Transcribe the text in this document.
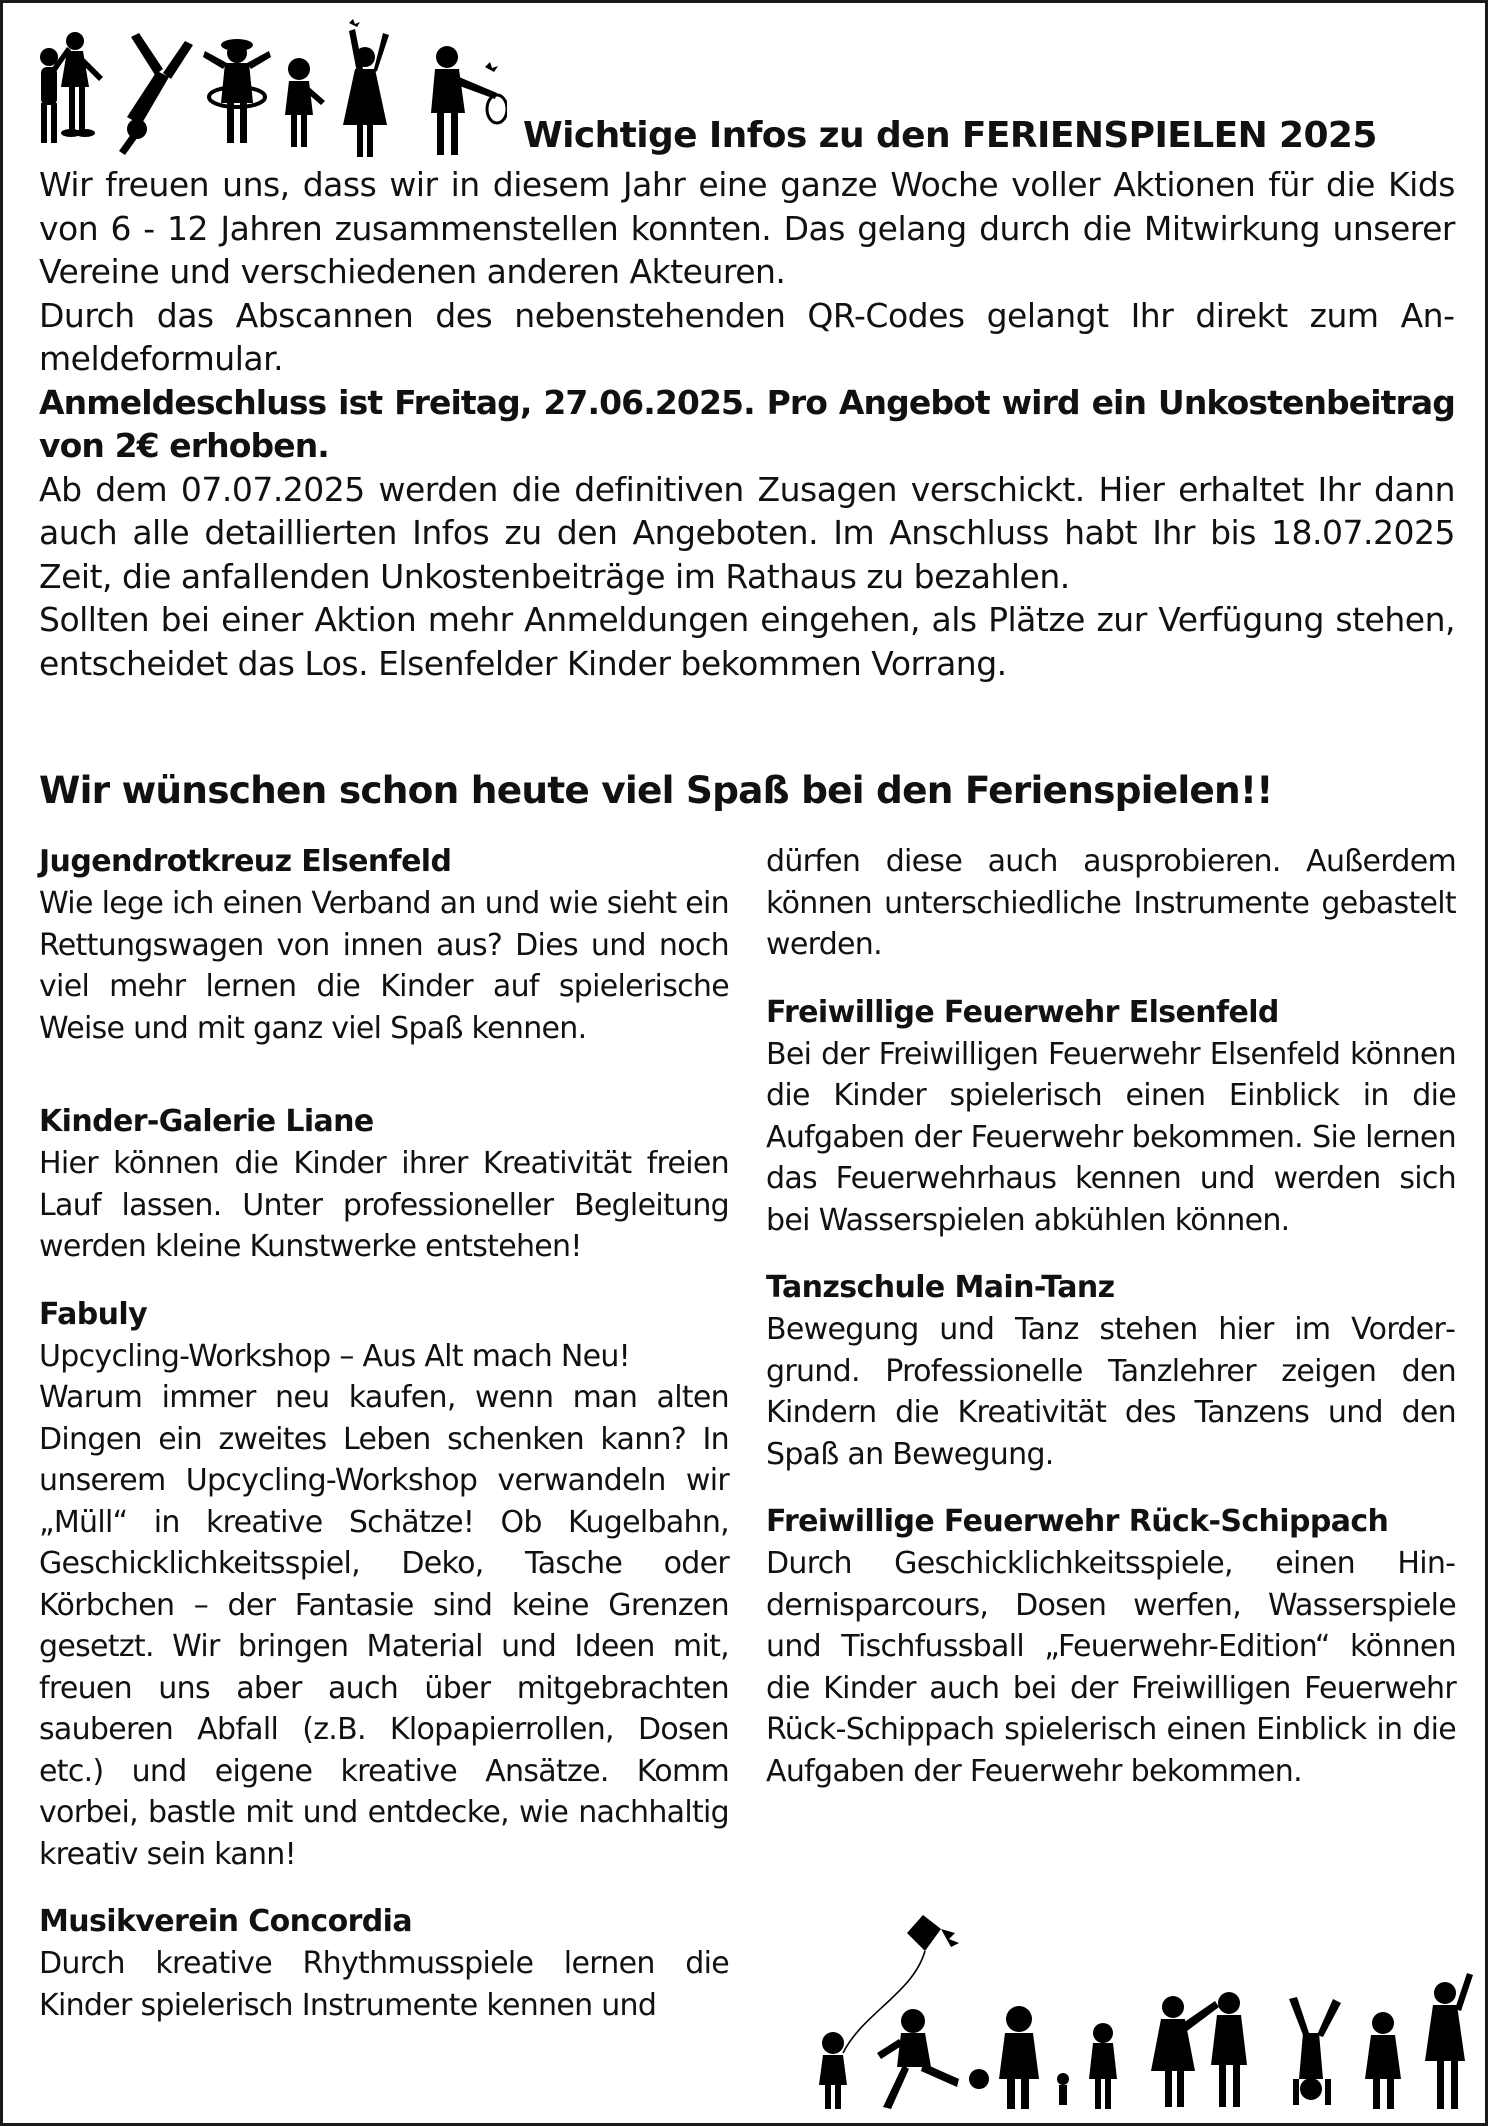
Wichtige Infos zu den FERIENSPIELEN 2025

Wir freuen uns, dass wir in diesem Jahr eine ganze Woche voller Aktionen für die Kids von 6 - 12 Jahren zusammenstellen konnten. Das gelang durch die Mitwirkung unserer Vereine und verschiedenen anderen Akteuren.

Durch das Abscannen des nebenstehenden QR-Codes gelangt Ihr direkt zum Anmeldeformular.

Anmeldeschluss ist Freitag, 27.06.2025. Pro Angebot wird ein Unkostenbeitrag von 2€ erhoben.

Ab dem 07.07.2025 werden die definitiven Zusagen verschickt. Hier erhaltet Ihr dann auch alle detaillierten Infos zu den Angeboten. Im Anschluss habt Ihr bis 18.07.2025 Zeit, die anfallenden Unkostenbeiträge im Rathaus zu bezahlen.

Sollten bei einer Aktion mehr Anmeldungen eingehen, als Plätze zur Verfügung stehen, entscheidet das Los. Elsenfelder Kinder bekommen Vorrang.

Wir wünschen schon heute viel Spaß bei den Ferienspielen!!

Jugendrotkreuz Elsenfeld

Wie lege ich einen Verband an und wie sieht ein Rettungswagen von innen aus? Dies und noch viel mehr lernen die Kinder auf spielerische Weise und mit ganz viel Spaß kennen.

Kinder-Galerie Liane

Hier können die Kinder ihrer Kreativität freien Lauf lassen. Unter professioneller Begleitung werden kleine Kunstwerke entstehen!

Fabuly

Upcycling-Workshop – Aus Alt mach Neu!

Warum immer neu kaufen, wenn man alten Dingen ein zweites Leben schenken kann? In unserem Upcycling-Workshop verwandeln wir „Müll“ in kreative Schätze! Ob Kugelbahn, Geschicklichkeitsspiel, Deko, Tasche oder Körbchen – der Fantasie sind keine Grenzen gesetzt. Wir bringen Material und Ideen mit, freuen uns aber auch über mitgebrachten sauberen Abfall (z.B. Klopapierrollen, Dosen etc.) und eigene kreative Ansätze. Komm vorbei, bastle mit und entdecke, wie nachhaltig kreativ sein kann!

Musikverein Concordia

Durch kreative Rhythmusspiele lernen die Kinder spielerisch Instrumente kennen und

dürfen diese auch ausprobieren. Außerdem können unterschiedliche Instrumente gebastelt werden.

Freiwillige Feuerwehr Elsenfeld

Bei der Freiwilligen Feuerwehr Elsenfeld können die Kinder spielerisch einen Einblick in die Aufgaben der Feuerwehr bekommen. Sie lernen das Feuerwehrhaus kennen und werden sich bei Wasserspielen abkühlen können.

Tanzschule Main-Tanz

Bewegung und Tanz stehen hier im Vordergrund. Professionelle Tanzlehrer zeigen den Kindern die Kreativität des Tanzens und den Spaß an Bewegung.

Freiwillige Feuerwehr Rück-Schippach

Durch Geschicklichkeitsspiele, einen Hindernisparcours, Dosen werfen, Wasserspiele und Tischfussball „Feuerwehr-Edition“ können die Kinder auch bei der Freiwilligen Feuerwehr Rück-Schippach spielerisch einen Einblick in die Aufgaben der Feuerwehr bekommen.
